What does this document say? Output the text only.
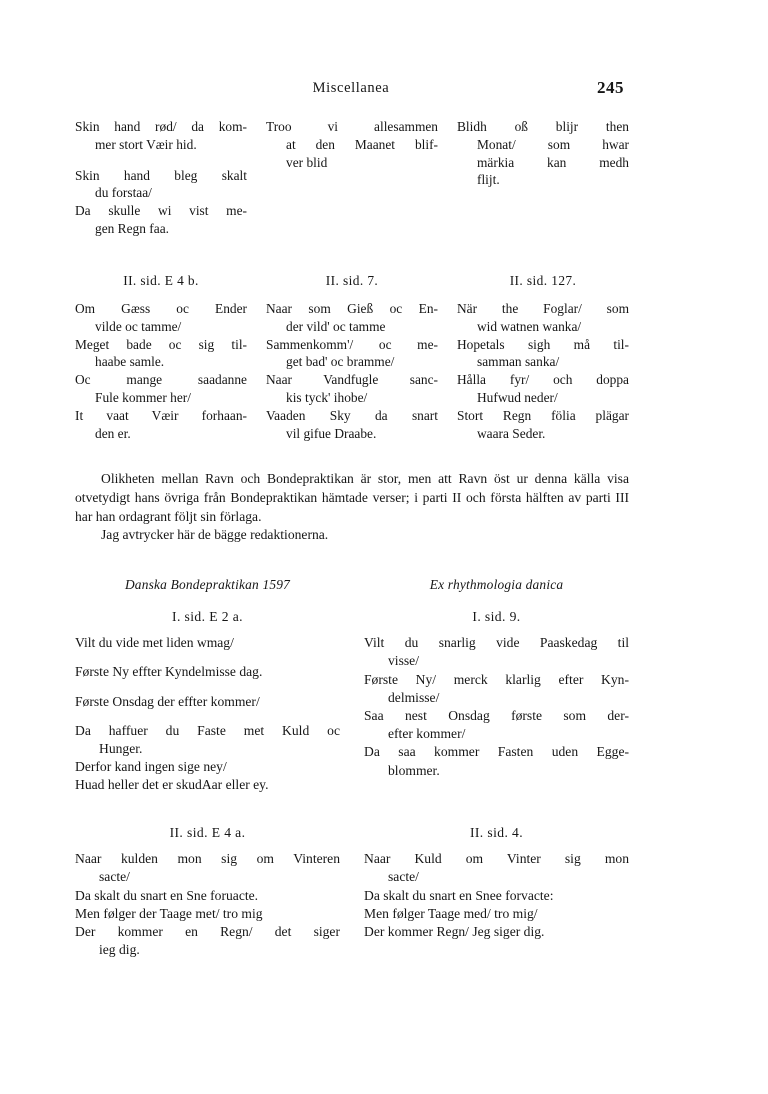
Miscellanea	245
Skin hand rød/ da kom-
mer stort Væir hid.
Skin hand bleg skalt
du forstaa/
Da skulle wi vist me-
gen Regn faa.
Troo vi allesammen
at den Maanet blif-
ver blid
Blidh oß blijr then
Monat/ som hwar
märkia kan medh
flijt.
II. sid. E 4 b.	II. sid. 7.	II. sid. 127.
Om Gæss oc Ender
vilde oc tamme/
Meget bade oc sig til-
haabe samle.
Oc mange saadanne
Fule kommer her/
It vaat Væir forhaan-
den er.
Naar som Gieß oc En-
der vild' oc tamme
Sammenkomm'/ oc me-
get bad' oc bramme/
Naar Vandfugle sanc-
kis tyck' ihobe/
Vaaden Sky da snart
vil gifue Draabe.
När the Foglar/ som
wid watnen wanka/
Hopetals sigh må til-
samman sanka/
Hålla fyr/ och doppa
Hufwud neder/
Stort Regn fölia plägar
waara Seder.

Olikheten mellan Ravn och Bondepraktikan är stor, men att Ravn öst ur denna källa visa otvetydigt hans övriga från Bondepraktikan hämtade verser; i parti II och första hälften av parti III har han ordagrant följt sin förlaga.

Jag avtrycker här de bägge redaktionerna.

Danska Bondepraktikan 1597
I. sid. E 2 a.
Vilt du vide met liden wmag/
Første Ny effter Kyndelmisse dag.
Første Onsdag der effter kommer/
Da haffuer du Faste met Kuld oc
Hunger.
Derfor kand ingen sige ney/
Huad heller det er skudAar eller ey.
Ex rhythmologia danica
I. sid. 9.
Vilt du snarlig vide Paaskedag til
visse/
Første Ny/ merck klarlig efter Kyn-
delmisse/
Saa nest Onsdag første som der-
efter kommer/
Da saa kommer Fasten uden Egge-
blommer.
II. sid. E 4 a.
Naar kulden mon sig om Vinteren
sacte/
Da skalt du snart en Sne foruacte.
Men følger der Taage met/ tro mig
Der kommer en Regn/ det siger
ieg dig.
II. sid. 4.
Naar Kuld om Vinter sig mon
sacte/
Da skalt du snart en Snee forvacte:
Men følger Taage med/ tro mig/
Der kommer Regn/ Jeg siger dig.
